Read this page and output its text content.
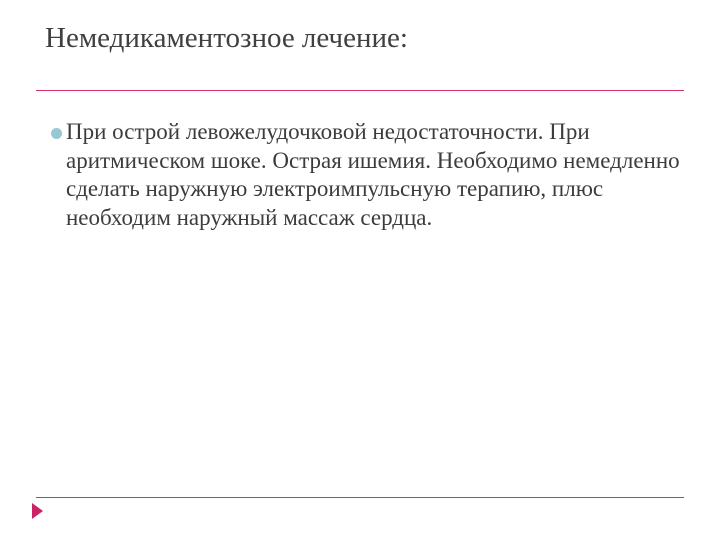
Немедикаментозное лечение:
При острой левожелудочковой недостаточности. При аритмическом шоке. Острая ишемия. Необходимо немедленно сделать наружную электроимпульсную терапию, плюс необходим наружный массаж сердца.
